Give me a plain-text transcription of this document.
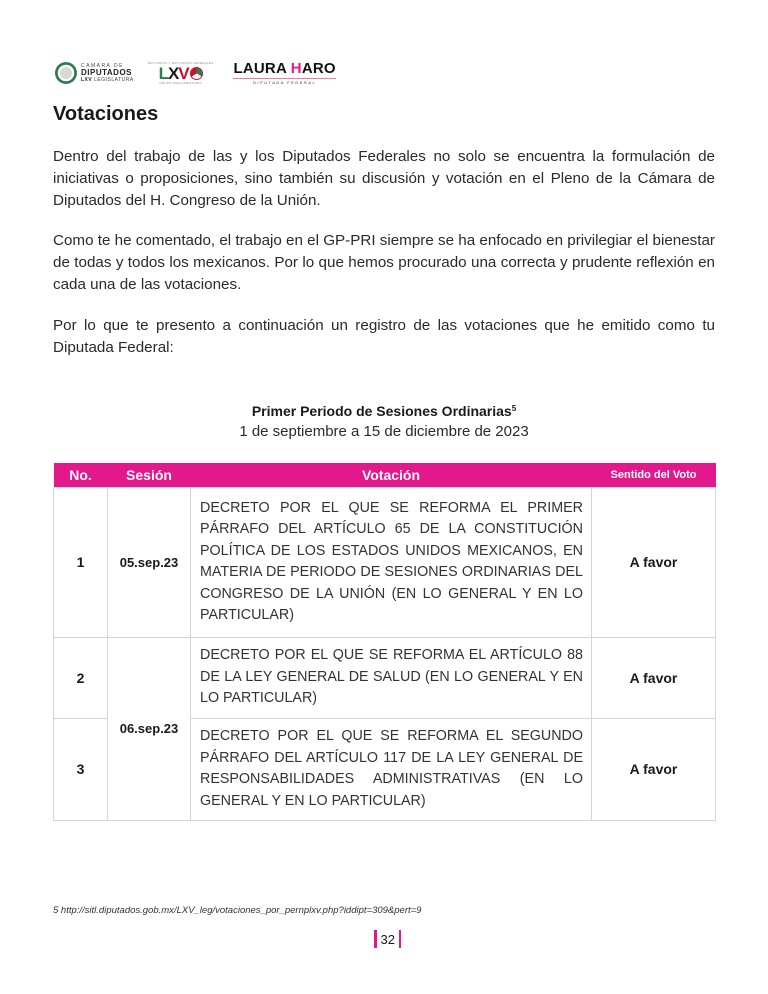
CÁMARA DE
DIPUTADOS
LXV LEGISLATURA
DIPUTADAS Y DIPUTADOS FEDERALES
L X V
GRUPO PARLAMENTARIO
LAURA HARO
DIPUTADA FEDERAL
Votaciones

Dentro del trabajo de las y los Diputados Federales no solo se encuentra la formulación de iniciativas o proposiciones, sino también su discusión y votación en el Pleno de la Cámara de Diputados del H. Congreso de la Unión.

Como te he comentado, el trabajo en el GP-PRI siempre se ha enfocado en privilegiar el bienestar de todas y todos los mexicanos. Por lo que hemos procurado una correcta y prudente reflexión en cada una de las votaciones.

Por lo que te presento a continuación un registro de las votaciones que he emitido como tu Diputada Federal:

Primer Periodo de Sesiones Ordinarias$^5$
1 de septiembre a 15 de diciembre de 2023
No.	Sesión	Votación	Sentido del Voto
1	05.sep.23	DECRETO POR EL QUE SE REFORMA EL PRIMER PÁRRAFO DEL ARTÍCULO 65 DE LA CONSTITUCIÓN POLÍTICA DE LOS ESTADOS UNIDOS MEXICANOS, EN MATERIA DE PERIODO DE SESIONES ORDINARIAS DEL CONGRESO DE LA UNIÓN (EN LO GENERAL Y EN LO PARTICULAR)	A favor
2	06.sep.23	DECRETO POR EL QUE SE REFORMA EL ARTÍCULO 88 DE LA LEY GENERAL DE SALUD (EN LO GENERAL Y EN LO PARTICULAR)	A favor
3		DECRETO POR EL QUE SE REFORMA EL SEGUNDO PÁRRAFO DEL ARTÍCULO 117 DE LA LEY GENERAL DE RESPONSABILIDADES ADMINISTRATIVAS (EN LO GENERAL Y EN LO PARTICULAR)	A favor
5 http://sitl.diputados.gob.mx/LXV_leg/votaciones_por_pernplxv.php?iddipt=309&pert=9
32
